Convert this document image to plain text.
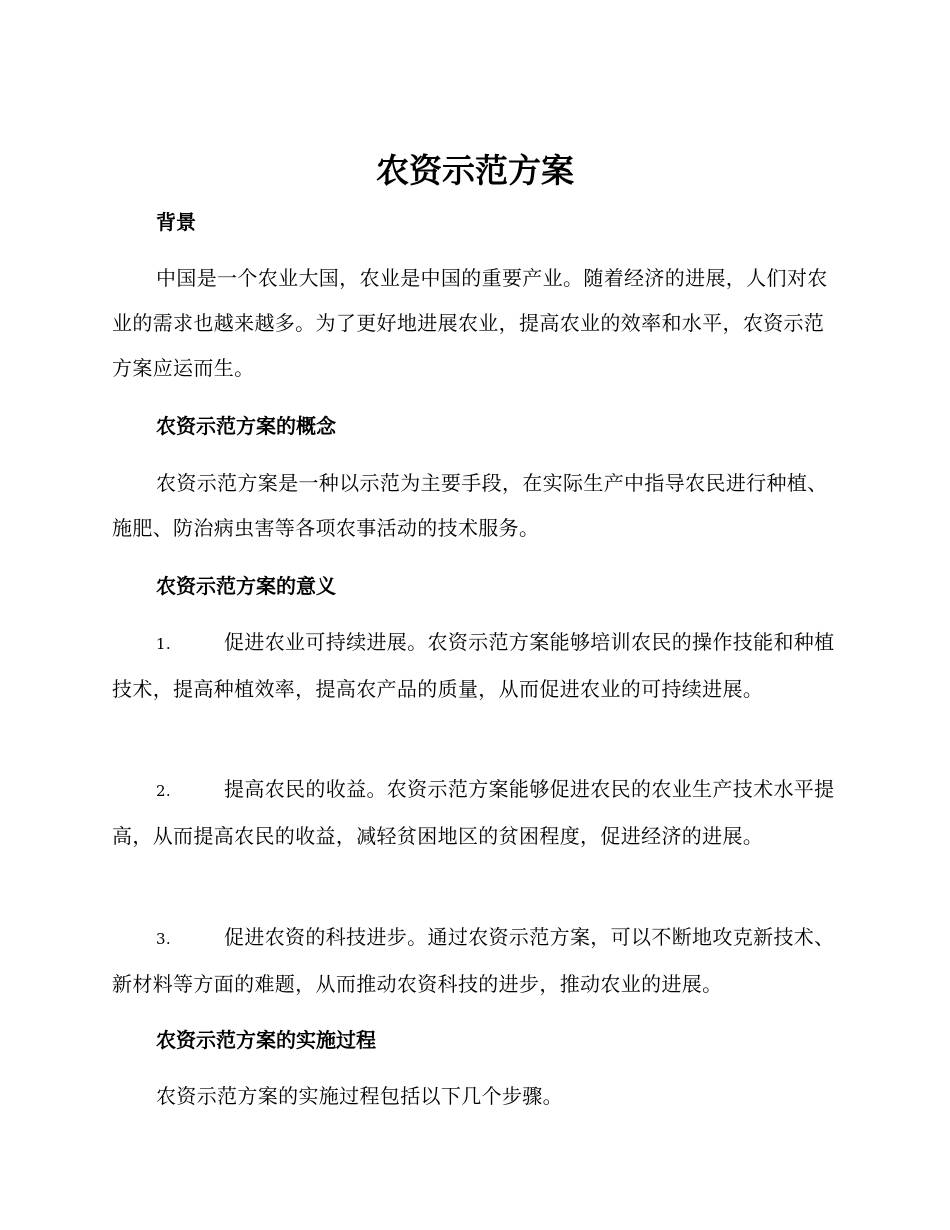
农资示范方案
背景

中国是一个农业大国，农业是中国的重要产业。随着经济的进展，人们对农业的需求也越来越多。为了更好地进展农业，提高农业的效率和水平，农资示范方案应运而生。

农资示范方案的概念

农资示范方案是一种以示范为主要手段，在实际生产中指导农民进行种植、施肥、防治病虫害等各项农事活动的技术服务。

农资示范方案的意义

1.	促进农业可持续进展。农资示范方案能够培训农民的操作技能和种植技术，提高种植效率，提高农产品的质量，从而促进农业的可持续进展。

2.	提高农民的收益。农资示范方案能够促进农民的农业生产技术水平提高，从而提高农民的收益，减轻贫困地区的贫困程度，促进经济的进展。

3.	促进农资的科技进步。通过农资示范方案，可以不断地攻克新技术、新材料等方面的难题，从而推动农资科技的进步，推动农业的进展。

农资示范方案的实施过程

农资示范方案的实施过程包括以下几个步骤。
